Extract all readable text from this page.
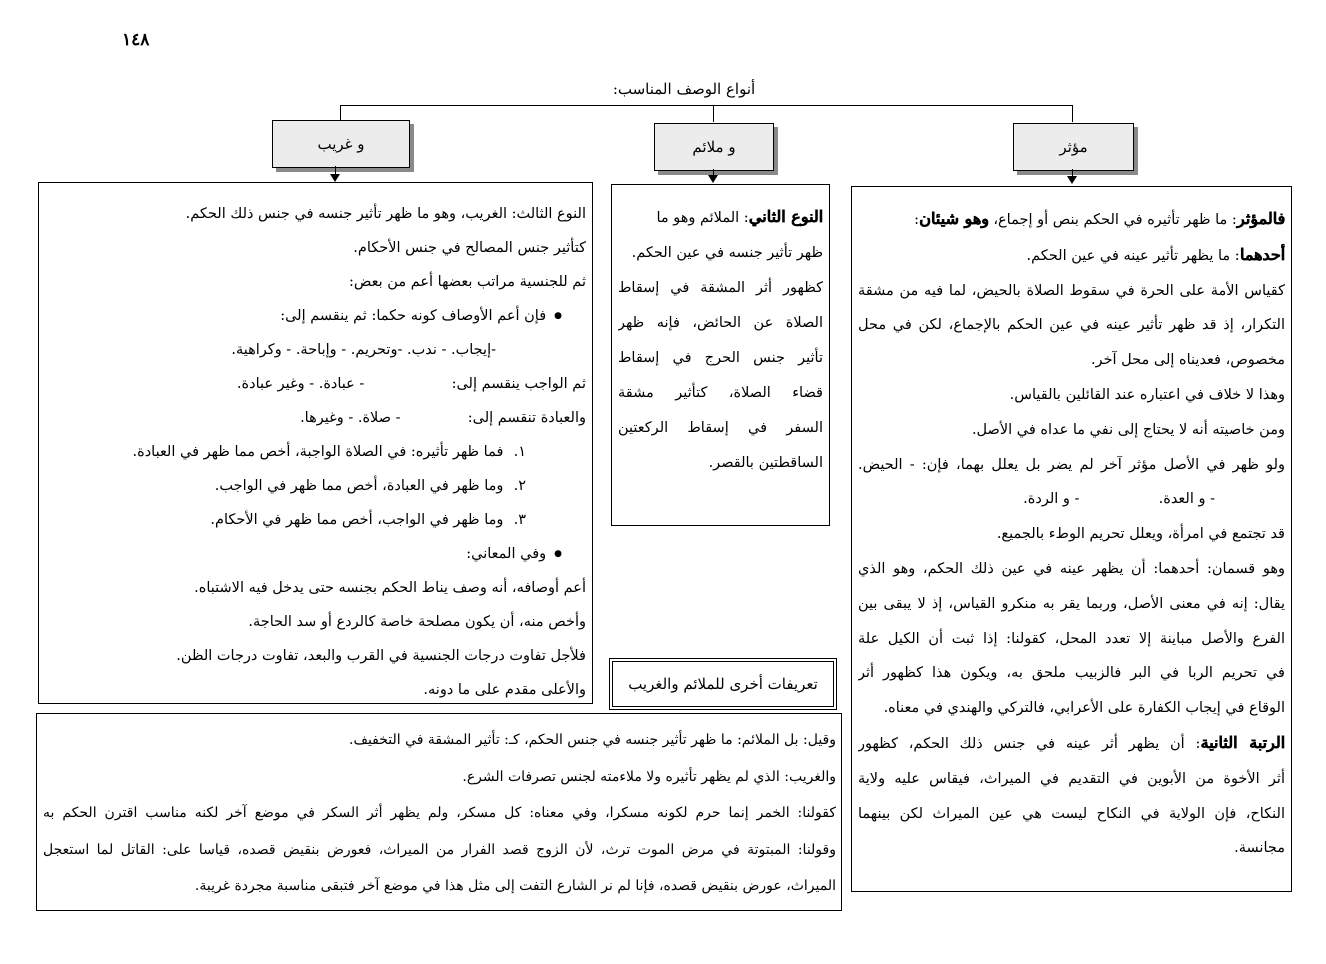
١٤٨
أنواع الوصف المناسب:
و غريب	و ملائم	مؤثر
فالمؤثر: ما ظهر تأثيره في الحكم بنص أو إجماع، وهو شيئان:
أحدهما: ما يظهر تأثير عينه في عين الحكم.
كقياس الأمة على الحرة في سقوط الصلاة بالحيض، لما فيه من مشقة
التكرار، إذ قد ظهر تأثير عينه في عين الحكم بالإجماع، لكن في محل
مخصوص، فعديناه إلى محل آخر.
وهذا لا خلاف في اعتباره عند القائلين بالقياس.
ومن خاصيته أنه لا يحتاج إلى نفي ما عداه في الأصل.
ولو ظهر في الأصل مؤثر آخر لم يضر بل يعلل بهما، فإن: - الحيض.
- و العدة.  - و الردة.
قد تجتمع في امرأة، ويعلل تحريم الوطء بالجميع.
وهو قسمان: أحدهما: أن يظهر عينه في عين ذلك الحكم، وهو الذي
يقال: إنه في معنى الأصل، وربما يقر به منكرو القياس، إذ لا يبقى بين
الفرع والأصل مباينة إلا تعدد المحل، كقولنا: إذا ثبت أن الكيل علة
في تحريم الربا في البر فالزبيب ملحق به، ويكون هذا كظهور أثر
الوقاع في إيجاب الكفارة على الأعرابي، فالتركي والهندي في معناه.
الرتبة الثانية: أن يظهر أثر عينه في جنس ذلك الحكم، كظهور
أثر الأخوة من الأبوين في التقديم في الميراث، فيقاس عليه ولاية
النكاح، فإن الولاية في النكاح ليست هي عين الميراث لكن بينهما
مجانسة.
النوع الثاني: الملائم وهو ما
ظهر تأثير جنسه في عين الحكم.
كظهور أثر المشقة في إسقاط
الصلاة عن الحائض، فإنه ظهر
تأثير جنس الحرج في إسقاط
قضاء الصلاة، كتأثير مشقة
السفر في إسقاط الركعتين
الساقطتين بالقصر.
تعريفات أخرى للملائم والغريب
النوع الثالث: الغريب، وهو ما ظهر تأثير جنسه في جنس ذلك الحكم.
كتأثير جنس المصالح في جنس الأحكام.
ثم للجنسية مراتب بعضها أعم من بعض:
● فإن أعم الأوصاف كونه حكما: ثم ينقسم إلى:
-إيجاب. - ندب. -وتحريم. - وإباحة. - وكراهية.
ثم الواجب ينقسم إلى:  - عبادة. - وغير عبادة.
والعبادة تنقسم إلى:  - صلاة. - وغيرها.
١. فما ظهر تأثيره: في الصلاة الواجبة، أخص مما ظهر في العبادة.
٢. وما ظهر في العبادة، أخص مما ظهر في الواجب.
٣. وما ظهر في الواجب، أخص مما ظهر في الأحكام.
● وفي المعاني:
أعم أوصافه، أنه وصف يناط الحكم بجنسه حتى يدخل فيه الاشتباه.
وأخص منه، أن يكون مصلحة خاصة كالردع أو سد الحاجة.
فلأجل تفاوت درجات الجنسية في القرب والبعد، تفاوت درجات الظن.
والأعلى مقدم على ما دونه.
وقيل: بل الملائم: ما ظهر تأثير جنسه في جنس الحكم، كـ: تأثير المشقة في التخفيف.
والغريب: الذي لم يظهر تأثيره ولا ملاءمته لجنس تصرفات الشرع.
كقولنا: الخمر إنما حرم لكونه مسكرا، وفي معناه: كل مسكر، ولم يظهر أثر السكر في موضع آخر لكنه مناسب اقترن الحكم به
وقولنا: المبتوتة في مرض الموت ترث، لأن الزوج قصد الفرار من الميراث، فعورض بنقيض قصده، قياسا على: القاتل لما استعجل
الميراث، عورض بنقيض قصده، فإنا لم نر الشارع التفت إلى مثل هذا في موضع آخر فتبقى مناسبة مجردة غريبة.
